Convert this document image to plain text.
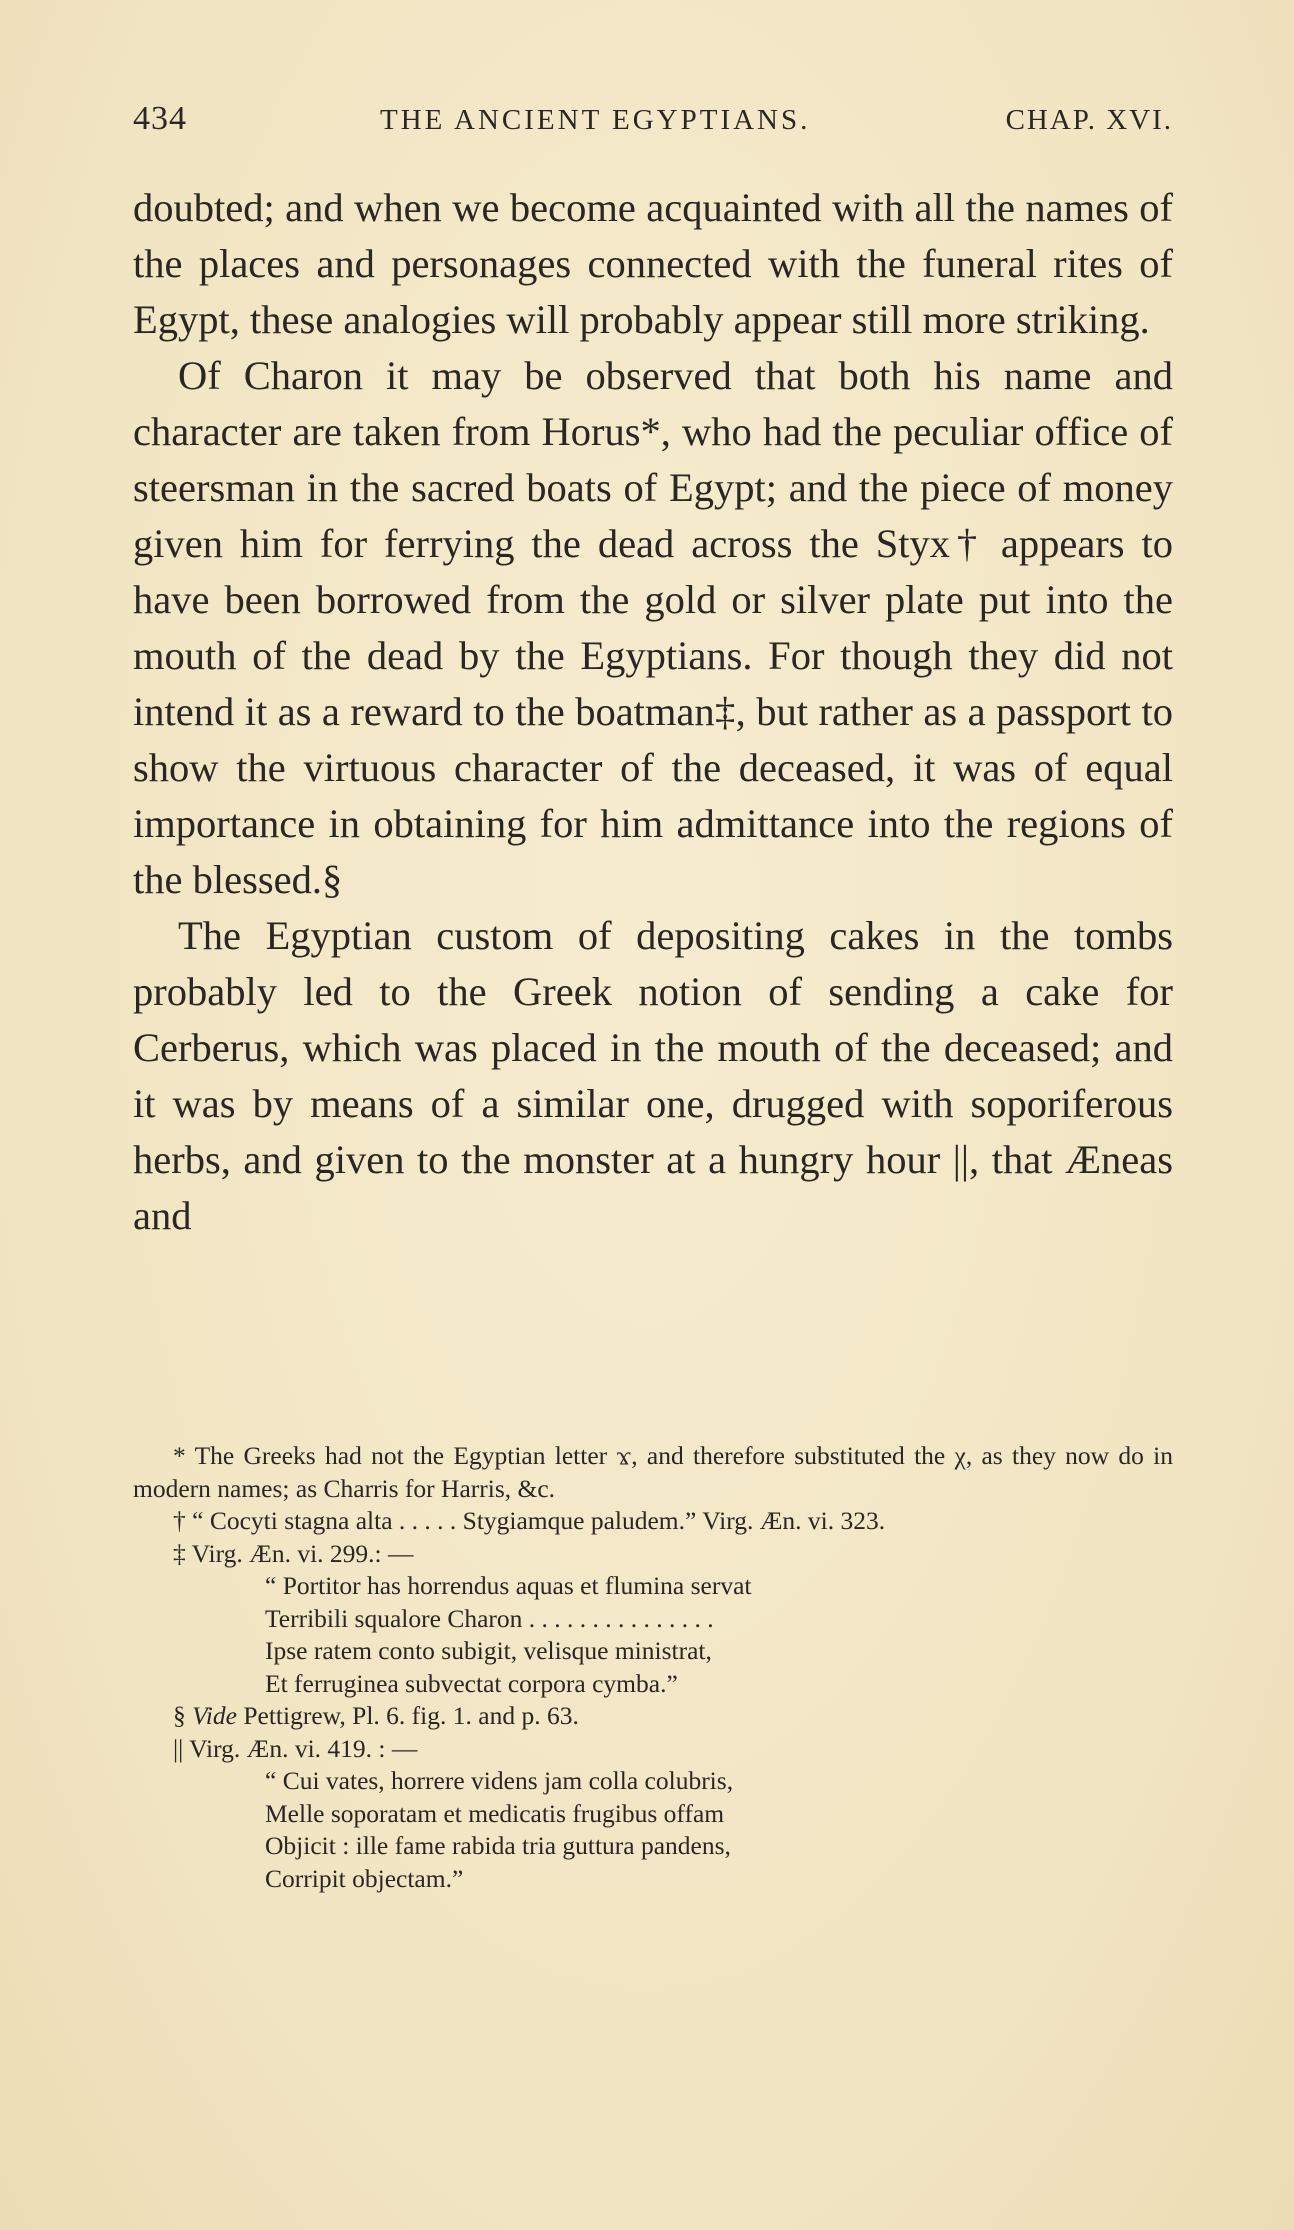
434	THE ANCIENT EGYPTIANS.	CHAP. XVI.

doubted; and when we become acquainted with all the names of the places and personages connected with the funeral rites of Egypt, these analogies will probably appear still more striking.

Of Charon it may be observed that both his name and character are taken from Horus*, who had the peculiar office of steersman in the sacred boats of Egypt; and the piece of money given him for ferrying the dead across the Styx† appears to have been borrowed from the gold or silver plate put into the mouth of the dead by the Egyptians. For though they did not intend it as a reward to the boatman‡, but rather as a passport to show the virtuous character of the deceased, it was of equal importance in obtaining for him admittance into the regions of the blessed.§

The Egyptian custom of depositing cakes in the tombs probably led to the Greek notion of sending a cake for Cerberus, which was placed in the mouth of the deceased; and it was by means of a similar one, drugged with soporiferous herbs, and given to the monster at a hungry hour ||, that Æneas and

* The Greeks had not the Egyptian letter ϫ, and therefore substituted the χ, as they now do in modern names; as Charris for Harris, &c.

† “ Cocyti stagna alta . . . . . Stygiamque paludem.” Virg. Æn. vi. 323.

‡ Virg. Æn. vi. 299.: —

“ Portitor has horrendus aquas et flumina servat

Terribili squalore Charon . . . . . . . . . . . . . . .

Ipse ratem conto subigit, velisque ministrat,

Et ferruginea subvectat corpora cymba.”

§ Vide Pettigrew, Pl. 6. fig. 1. and p. 63.

|| Virg. Æn. vi. 419. : —

“ Cui vates, horrere videns jam colla colubris,

Melle soporatam et medicatis frugibus offam

Objicit : ille fame rabida tria guttura pandens,

Corripit objectam.”
